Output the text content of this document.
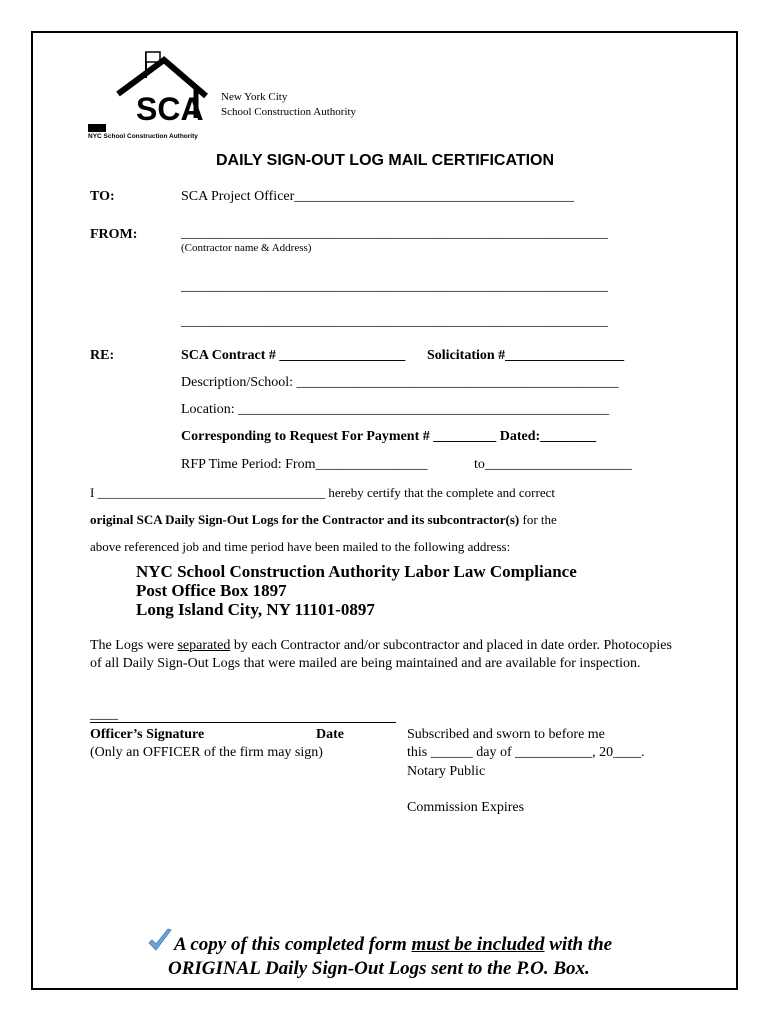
SCA
NYC School Construction Authority
New York City
School Construction Authority
DAILY SIGN-OUT LOG MAIL CERTIFICATION
TO:	SCA Project Officer________________________________________
FROM:	_____________________________________________________________
(Contractor name & Address)
_____________________________________________________________
_____________________________________________________________
RE:	SCA Contract # __________________ Solicitation #_________________
Description/School: ______________________________________________
Location: _____________________________________________________
Corresponding to Request For Payment # _________ Dated:________
RFP Time Period: From________________	to_____________________
I ___________________________________ hereby certify that the complete and correct
original SCA Daily Sign-Out Logs for the Contractor and its subcontractor(s) for the
above referenced job and time period have been mailed to the following address:
NYC School Construction Authority Labor Law Compliance
Post Office Box 1897
Long Island City, NY 11101-0897
The Logs were separated by each Contractor and/or subcontractor and placed in date order. Photocopies of all Daily Sign-Out Logs that were mailed are being maintained and are available for inspection.
____
Officer’s Signature	Date
(Only an OFFICER of the firm may sign)
Subscribed and sworn to before me
this ______ day of ___________, 20____.
Notary Public
Commission Expires
A copy of this completed form must be included with the
ORIGINAL Daily Sign-Out Logs sent to the P.O. Box.
